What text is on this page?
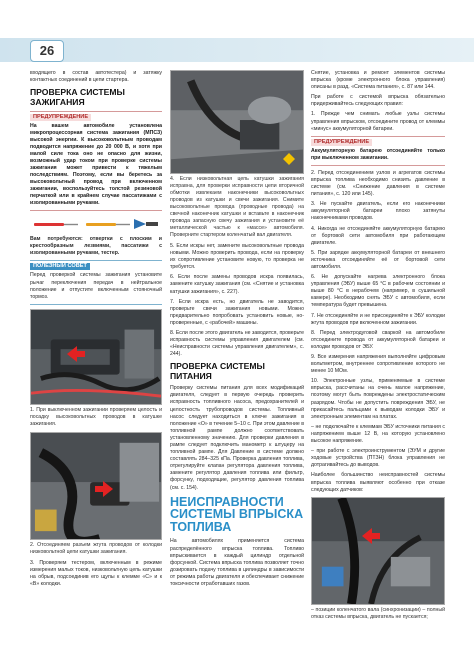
26

входящего в состав автотестера) и затяжку контактных соединений в цепи стартера.

ПРОВЕРКА СИСТЕМЫ ЗАЖИГАНИЯ
ПРЕДУПРЕЖДЕНИЕ

На вашем автомобиле установлена микропроцессорная система зажигания (МПСЗ) высокой энергии. К высоковольтным проводам подводится напряжение до 20 000 В, и хотя при малой силе тока оно не опасно для жизни, возможный удар током при проверке системы зажигания может привести к тяжелым последствиям. Поэтому, если вы беретесь за высоковольтный провод при включенном зажигании, воспользуйтесь толстой резиновой перчаткой или в крайнем случае пассатижами с изолированными ручками.

Вам потребуются: отвертки с плоским и крестообразным лезвиями, пассатижи с изолированными ручками, тестер.

ПОЛЕЗНЫЙ СОВЕТ

Перед проверкой системы зажигания установите рычаг переключения передач в нейтральное положение и отпустите включенным стояночный тормоз.

1. При выключенном зажигании проверяем целость и посадку высоковольтных проводов в катушке зажигания.

2. Отсоединяем разъем жгута проводов от колодки низковольтной цепи катушки зажигания.

3. Проверяем тестером, включенным в режиме измерения малых токов, низковольтную цепь катушки на обрыв, подсоединив его щупы к клемме «С» и к «В» колодки.

4. Если низковольтная цепь катушки зажигания исправна, для проверки исправности цепи вторичной обмотки извлекаем наконечники высоковольтных проводов из катушки и свечи зажигания. Снимите высоковольтные провода (проводные провода) на свечной наконечник катушки и вставьте в наконечник провода запасную свечу зажигания и установите её металлической частью к «массе» автомобиля. Проверните стартером коленчатый вал двигателя.

5. Если искры нет, замените высоковольтные провода новыми. Можно проверить провода, если на проверку их сопротивление установите новую, то проверка не требуется.

6. Если после замены проводов искра появилась, замените катушку зажигания (см. «Снятие и установка катушки зажигания», с. 227).

7. Если искра есть, но двигатель не заводится, проверьте свечи зажигания новыми. Можно предварительно попробовать установить новые, но-проверенные, с «рабочей» машины.

8. Если после этого двигатель не заводится, проверьте исправность системы управления двигателем (см. «Неисправности системы управления двигателем», с. 244).

ПРОВЕРКА СИСТЕМЫ ПИТАНИЯ

Проверку системы питания для всех модификаций двигателя, следует в первую очередь проверить исправность топливного насоса, предохранителей и целостность трубопроводов системы. Топливный насос следует находиться в ключе зажигания в положение «О» в течение 5–10 с. При этом давление в топливной рампе должно соответствовать установленному значению. Для проверки давления в рампе следует подключить манометр к штуцеру на топливной рампе. Для Давление в системе должно составлять 284–325 кПа. Проверка давления топлива, отрегулируйте клапан регулятора давления топлива, замените регулятор давления топлива или фильтр, форсунку, подходящие, регулятор давления топлива (см. с. 154).

НЕИСПРАВНОСТИ СИСТЕМЫ ВПРЫСКА ТОПЛИВА

На автомобилях применяется система распределённого впрыска топлива. Топливо впрыскивается в каждый цилиндр отдельной форсункой. Система впрыска топлива позволяет точно дозировать подачу топлива в цилиндры в зависимости от режима работы двигателя и обеспечивает снижение токсичности отработавших газов.

Снятие, установка и ремонт элементов системы впрыска (кроме электронного блока управления) описаны в разд. «Система питания», с. 87 или 144.

При работе с системой впрыска обязательно придерживайтесь следующих правил:

1. Прежде чем снимать любые узлы системы управления впрыском, отсоедините провод от клеммы «минус» аккумуляторной батареи.

ПРЕДУПРЕЖДЕНИЕ

Аккумуляторную батарею отсоединяйте только при выключенном зажигании.

2. Перед отсоединением узлов и агрегатов системы впрыска топлива необходимо снизить давление в системе (см. «Снижение давления в системе питания», с. 120 или 145).

3. Не пускайте двигатель, если его наконечники аккумуляторной батареи плохо затянуты наконечниками проводов.

4. Никогда не отсоединяйте аккумуляторную батарею от бортовой сети автомобиля при работающем двигателе.

5. При зарядке аккумуляторной батареи от внешнего источника отсоединяйте её от бортовой сети автомобиля.

6. Не допускайте нагрева электронного блока управления (ЭБУ) выше 65 °С в рабочем состоянии и выше 80 °С в нерабочем (например, в сушильной камере). Необходимо снять ЭБУ с автомобиля, если температура будет превышена.

7. Не отсоединяйте и не присоединяйте к ЭБУ колодки жгута проводов при включенном зажигании.

8. Перед электродуговой сваркой на автомобиле отсоедините провода от аккумуляторной батареи и колодки проводов от ЭБУ.

9. Все измерения напряжения выполняйте цифровым вольтметром, внутреннее сопротивление которого не менее 10 МОм.

10. Электронные узлы, применяемые в системе впрыска, рассчитаны на очень малое напряжение, поэтому могут быть повреждены электростатическим разрядом. Чтобы не допустить повреждения ЭБУ, не прикасайтесь пальцами к выводам колодки ЭБУ и электронным элементам на платах.

– не подключайте к клеммам ЭБУ источники питания с напряжением выше 12 В, на которую установлено высокое напряжение.

– при работе с электроинструментом (ЭУМ и другие ходовые устройства (ПТЗН) блока управления не дотрагивайтесь до выводов.

Наиболее большинство неисправностей системы впрыска топлива выявляют особенно при отказе следующих датчиков:

– позиции коленчатого вала (синхронизации) – полный отказ системы впрыска, двигатель не пускается;
